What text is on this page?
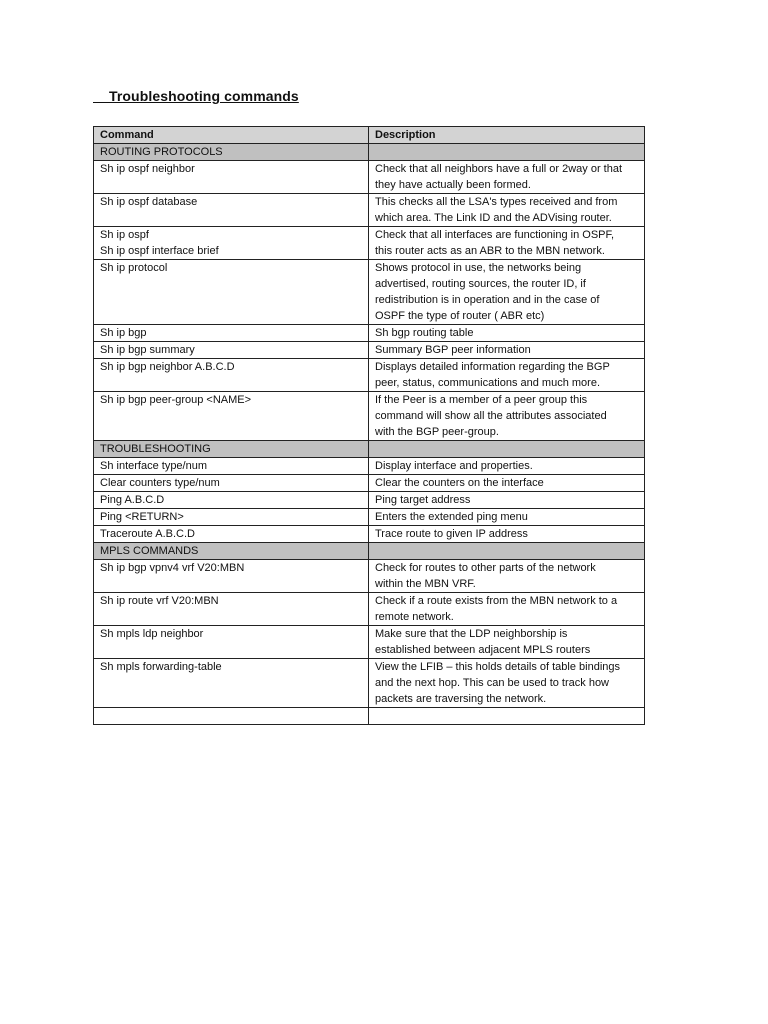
Troubleshooting commands
Command	Description
ROUTING PROTOCOLS	

Sh ip ospf neighbor	Check that all neighbors have a full or 2way or that
they have actually been formed.

Sh ip ospf database	This checks all the LSA's types received and from
which area. The Link ID and the ADVising router.

Sh ip ospf
Sh ip ospf interface brief	Check that all interfaces are functioning in OSPF,
this router acts as an ABR to the MBN network.

Sh ip protocol	Shows protocol in use, the networks being
advertised, routing sources, the router ID, if
redistribution is in operation and in the case of
OSPF the type of router ( ABR etc)

Sh ip bgp	Sh bgp routing table

Sh ip bgp summary	Summary BGP peer information

Sh ip bgp neighbor A.B.C.D	Displays detailed information regarding the BGP
peer, status, communications and much more.

Sh ip bgp peer-group <NAME>	If the Peer is a member of a peer group this
command will show all the attributes associated
with the BGP peer-group.

TROUBLESHOOTING	

Sh interface type/num	Display interface and properties.

Clear counters type/num	Clear the counters on the interface

Ping A.B.C.D	Ping target address

Ping <RETURN>	Enters the extended ping menu

Traceroute A.B.C.D	Trace route to given IP address

MPLS COMMANDS	

Sh ip bgp vpnv4 vrf V20:MBN	Check for routes to other parts of the network
within the MBN VRF.

Sh ip route vrf V20:MBN	Check if a route exists from the MBN network to a
remote network.

Sh mpls ldp neighbor	Make sure that the LDP neighborship is
established between adjacent MPLS routers

Sh mpls forwarding-table	View the LFIB – this holds details of table bindings
and the next hop. This can be used to track how
packets are traversing the network.
